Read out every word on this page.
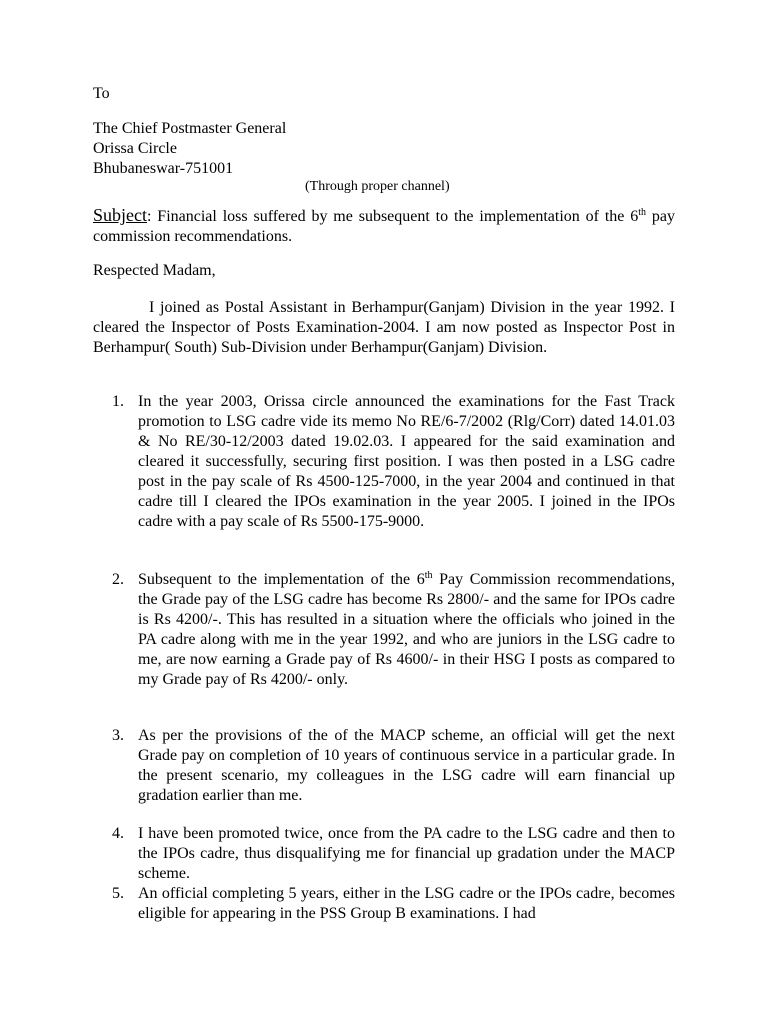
To
The Chief Postmaster General
Orissa Circle
Bhubaneswar-751001
(Through proper channel)
Subject: Financial loss suffered by me subsequent to the implementation of the 6th pay commission recommendations.
Respected Madam,
I joined as Postal Assistant in Berhampur(Ganjam) Division in the year 1992. I cleared the Inspector of Posts Examination-2004. I am now posted as Inspector Post in Berhampur( South) Sub-Division under Berhampur(Ganjam) Division.
1. In the year 2003, Orissa circle announced the examinations for the Fast Track promotion to LSG cadre vide its memo No RE/6-7/2002 (Rlg/Corr) dated 14.01.03 & No RE/30-12/2003 dated 19.02.03. I appeared for the said examination and cleared it successfully, securing first position. I was then posted in a LSG cadre post in the pay scale of Rs 4500-125-7000, in the year 2004 and continued in that cadre till I cleared the IPOs examination in the year 2005. I joined in the IPOs cadre with a pay scale of Rs 5500-175-9000.
2. Subsequent to the implementation of the 6th Pay Commission recommendations, the Grade pay of the LSG cadre has become Rs 2800/- and the same for IPOs cadre is Rs 4200/-. This has resulted in a situation where the officials who joined in the PA cadre along with me in the year 1992, and who are juniors in the LSG cadre to me, are now earning a Grade pay of Rs 4600/- in their HSG I posts as compared to my Grade pay of Rs 4200/- only.
3. As per the provisions of the of the MACP scheme, an official will get the next Grade pay on completion of 10 years of continuous service in a particular grade. In the present scenario, my colleagues in the LSG cadre will earn financial up gradation earlier than me.
4. I have been promoted twice, once from the PA cadre to the LSG cadre and then to the IPOs cadre, thus disqualifying me for financial up gradation under the MACP scheme.
5. An official completing 5 years, either in the LSG cadre or the IPOs cadre, becomes eligible for appearing in the PSS Group B examinations. I had
